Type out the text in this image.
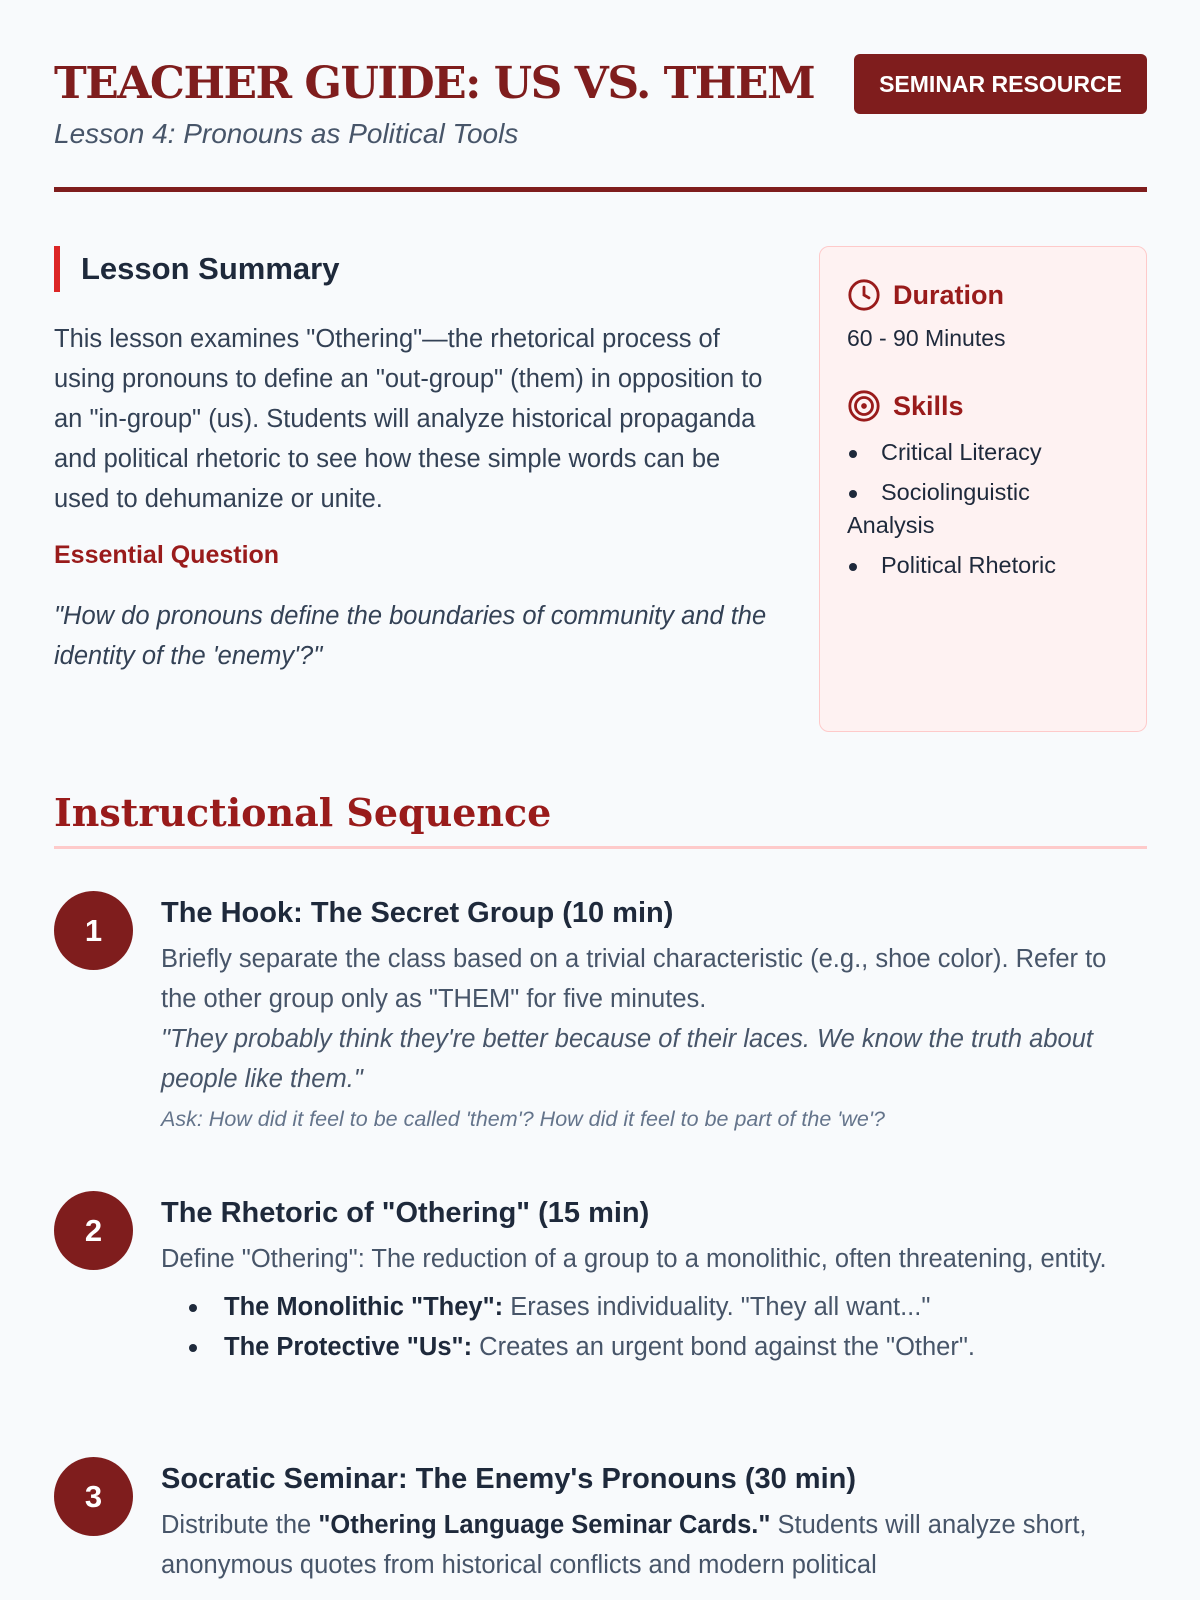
TEACHER GUIDE: US VS. THEM
Lesson 4: Pronouns as Political Tools
SEMINAR RESOURCE
Lesson Summary

This lesson examines "Othering"—the rhetorical process of using pronouns to define an "out-group" (them) in opposition to an "in-group" (us). Students will analyze historical propaganda and political rhetoric to see how these simple words can be used to dehumanize or unite.

Essential Question

"How do pronouns define the boundaries of community and the identity of the 'enemy'?"

Duration
60 - 90 Minutes
Skills
Critical Literacy
Sociolinguistic Analysis
Political Rhetoric
Instructional Sequence
1	The Hook: The Secret Group (10 min)

Briefly separate the class based on a trivial characteristic (e.g., shoe color). Refer to the other group only as "THEM" for five minutes.

"They probably think they're better because of their laces. We know the truth about people like them."

Ask: How did it feel to be called 'them'? How did it feel to be part of the 'we'?

2	The Rhetoric of "Othering" (15 min)

Define "Othering": The reduction of a group to a monolithic, often threatening, entity.

The Monolithic "They": Erases individuality. "They all want..."
The Protective "Us": Creates an urgent bond against the "Other".
3	Socratic Seminar: The Enemy's Pronouns (30 min)

Distribute the "Othering Language Seminar Cards." Students will analyze short, anonymous quotes from historical conflicts and modern political
